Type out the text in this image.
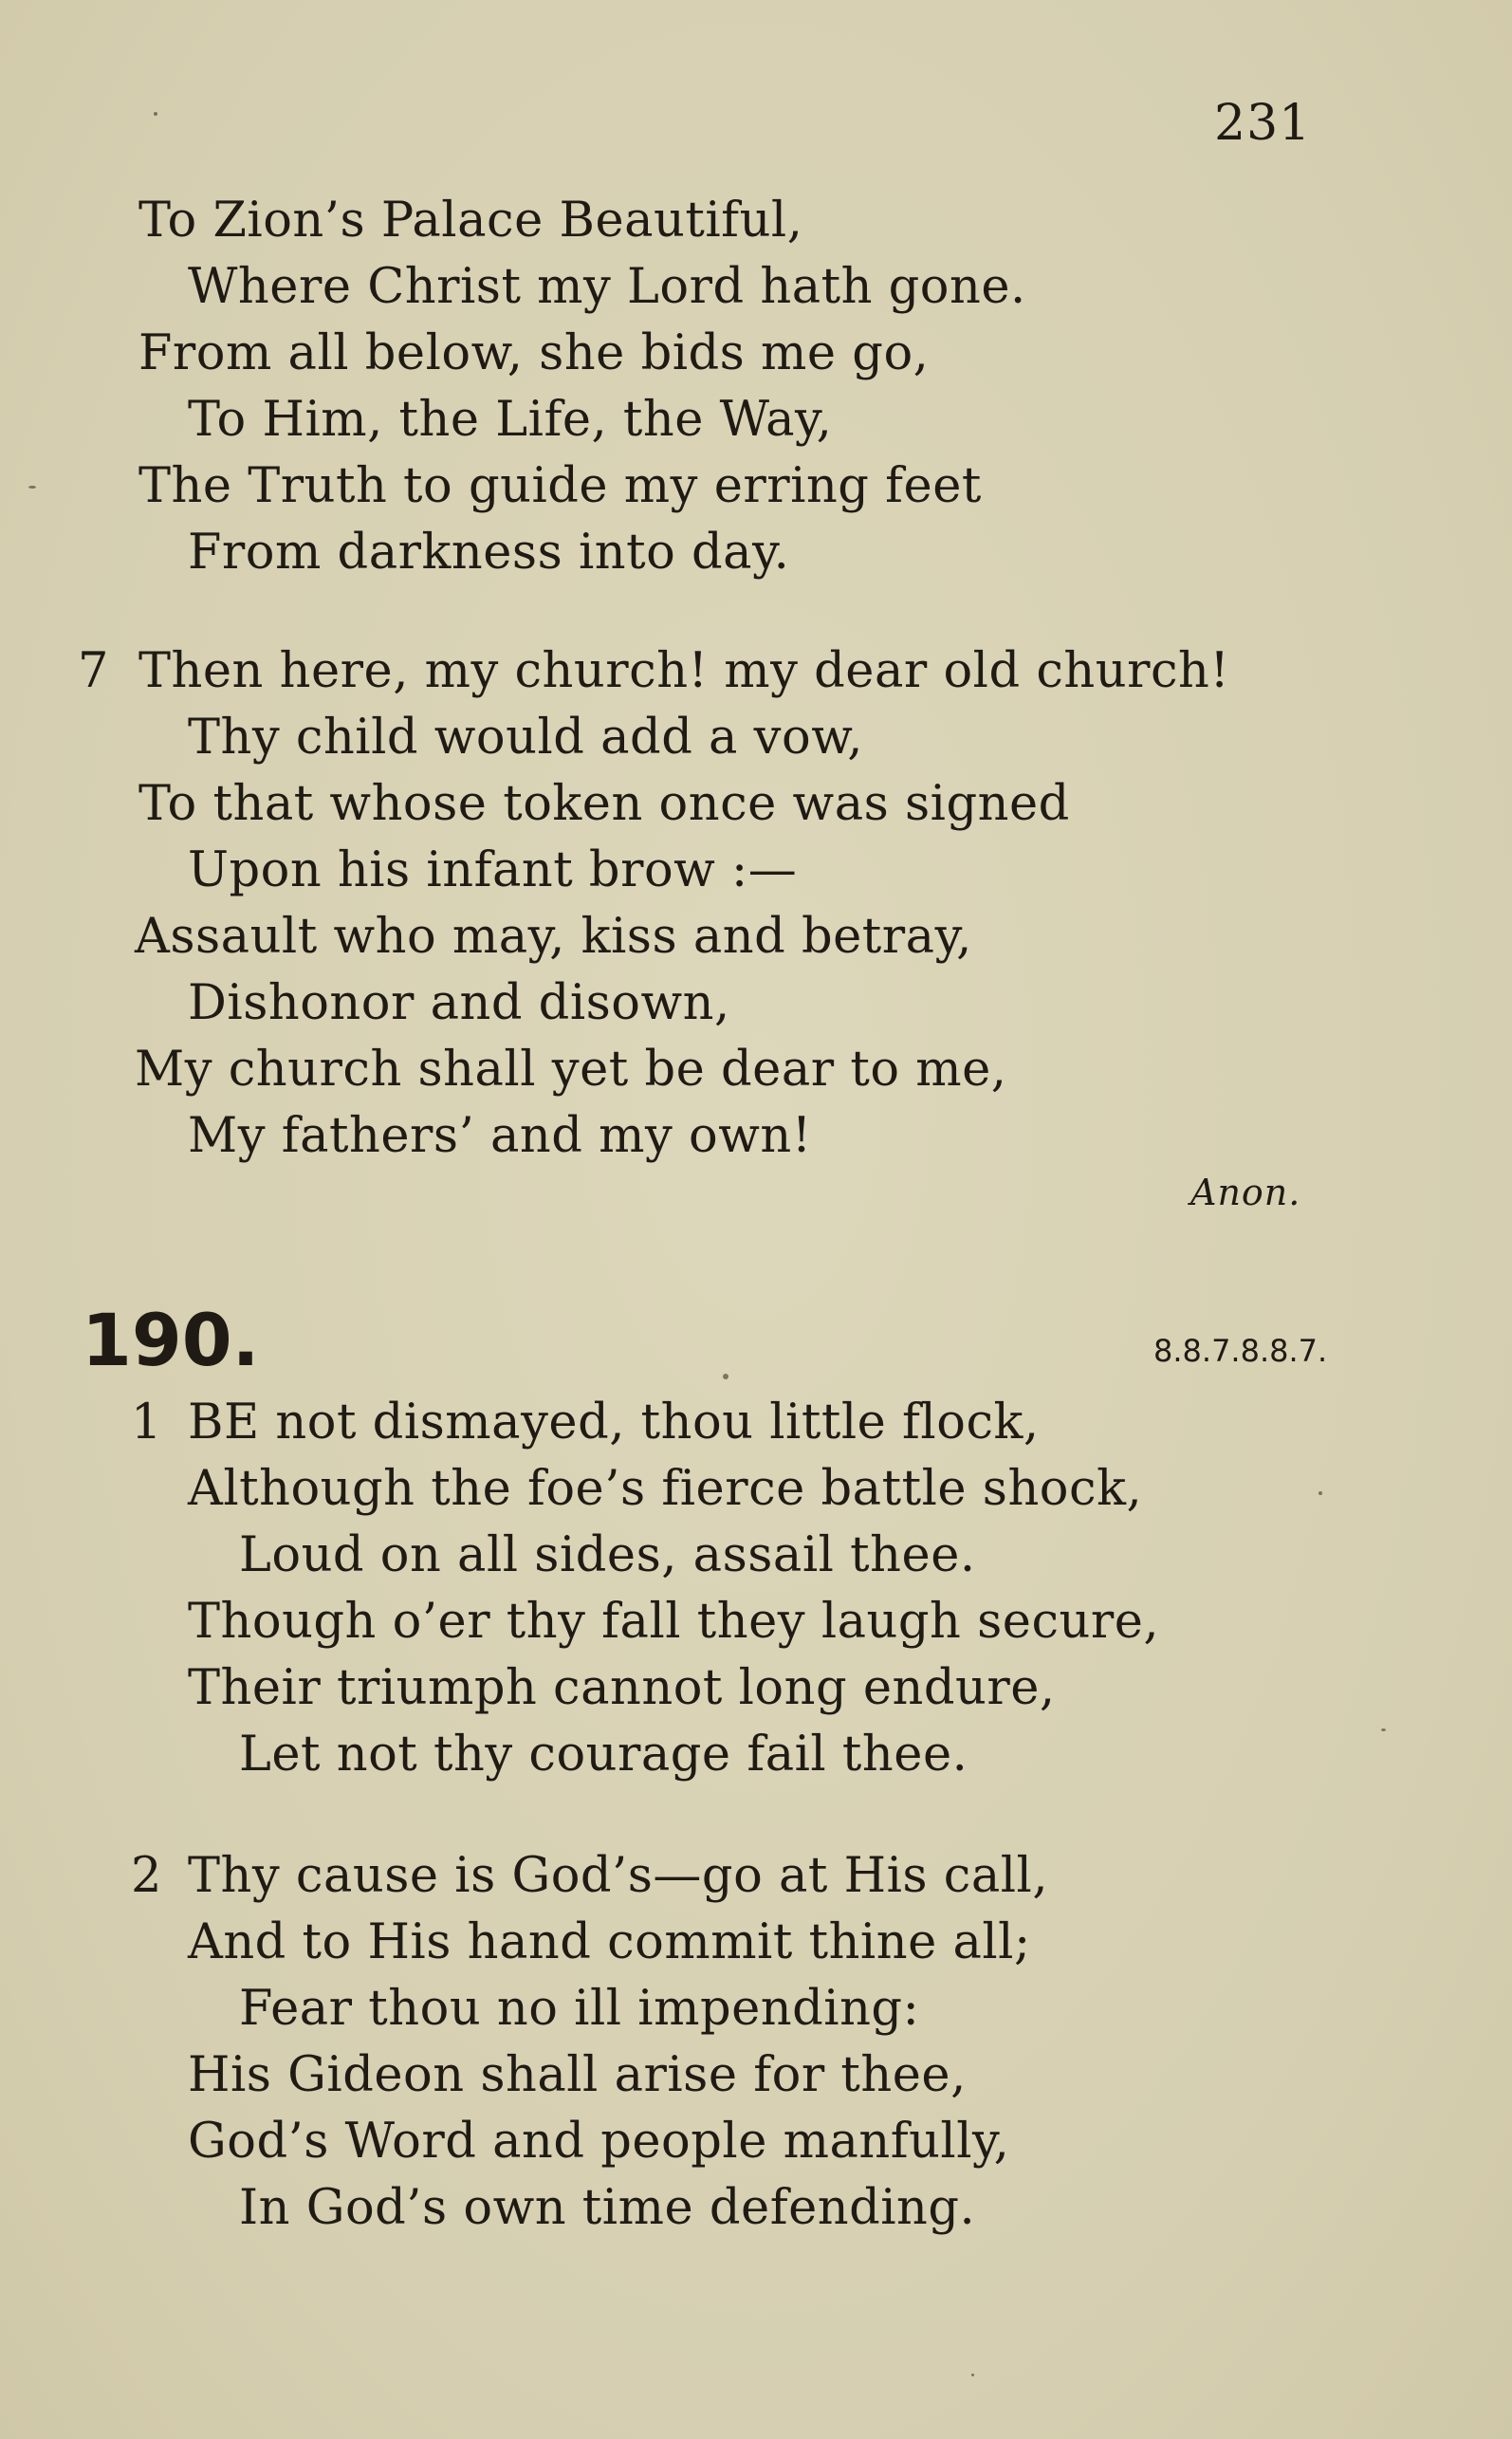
231
To Zion’s Palace Beautiful,
Where Christ my Lord hath gone.
From all below, she bids me go,
To Him, the Life, the Way,
The Truth to guide my erring feet
From darkness into day.
7 Then here, my church! my dear old church!
Thy child would add a vow,
To that whose token once was signed
Upon his infant brow :—
Assault who may, kiss and betray,
Dishonor and disown,
My church shall yet be dear to me,
My fathers’ and my own!
Anon.
190.	8.8.7.8.8.7.
1 BE not dismayed, thou little flock,
Although the foe’s fierce battle shock,
Loud on all sides, assail thee.
Though o’er thy fall they laugh secure,
Their triumph cannot long endure,
Let not thy courage fail thee.
2 Thy cause is God’s—go at His call,
And to His hand commit thine all;
Fear thou no ill impending:
His Gideon shall arise for thee,
God’s Word and people manfully,
In God’s own time defending.
